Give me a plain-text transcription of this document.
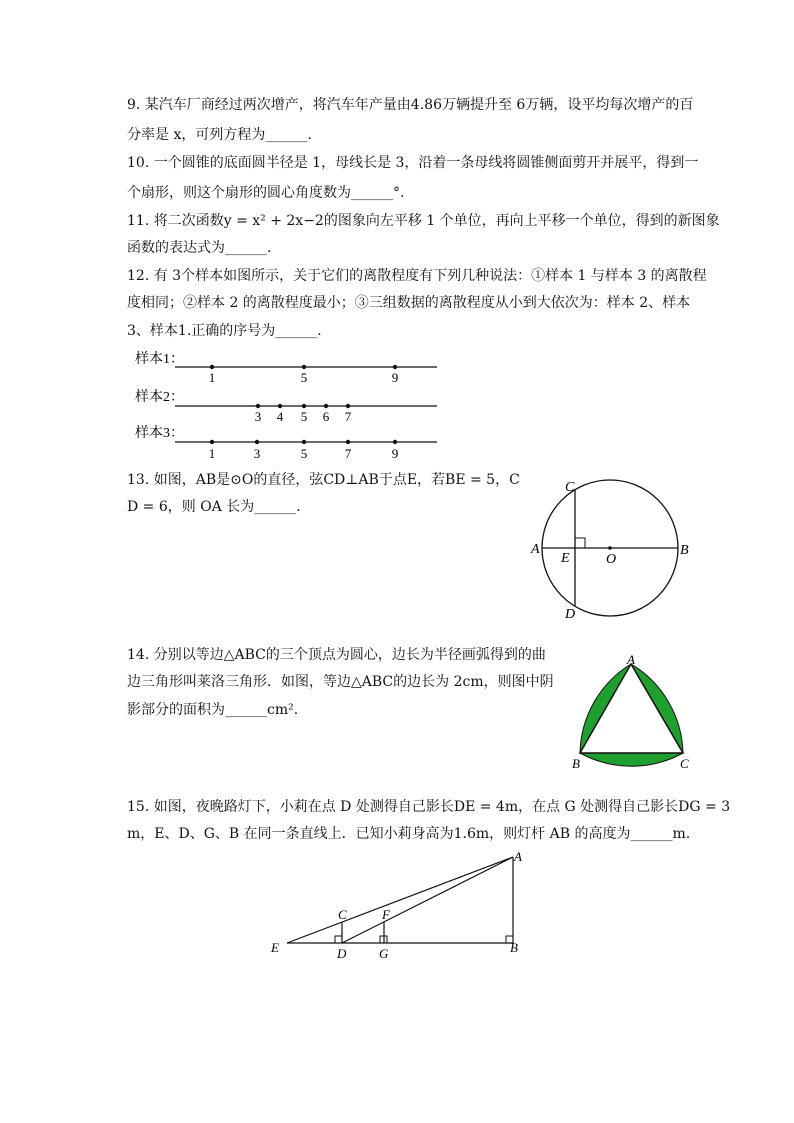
9. 某汽车厂商经过两次增产，将汽车年产量由4.86万辆提升至 6万辆，设平均每次增产的百
分率是 x，可列方程为______.
10. 一个圆锥的底面圆半径是 1，母线长是 3，沿着一条母线将圆锥侧面剪开并展平，得到一
个扇形，则这个扇形的圆心角度数为______°.
11. 将二次函数y = x² + 2x−2的图象向左平移 1 个单位，再向上平移一个单位，得到的新图象
函数的表达式为______.
12. 有 3个样本如图所示，关于它们的离散程度有下列几种说法：①样本 1 与样本 3 的离散程
度相同；②样本 2 的离散程度最小；③三组数据的离散程度从小到大依次为：样本 2、样本
3、样本1.正确的序号为______.
样本1：
1	5	9
样本2：
3 4 5 6 7
样本3：
1	3	5	7	9
13. 如图，AB是⊙O的直径，弦CD⊥AB于点E，若BE = 5，C
D = 6，则 OA 长为______.
C
A
E	O
B
D
14. 分别以等边△ABC的三个顶点为圆心，边长为半径画弧得到的曲
边三角形叫莱洛三角形．如图，等边△ABC的边长为 2cm，则图中阴
影部分的面积为______cm².
A
B	C
15. 如图，夜晚路灯下，小莉在点 D 处测得自己影长DE = 4m，在点 G 处测得自己影长DG = 3
m，E、D、G、B 在同一条直线上．已知小莉身高为1.6m，则灯杆 AB 的高度为______m.
A
C	F
E	D	G	B
